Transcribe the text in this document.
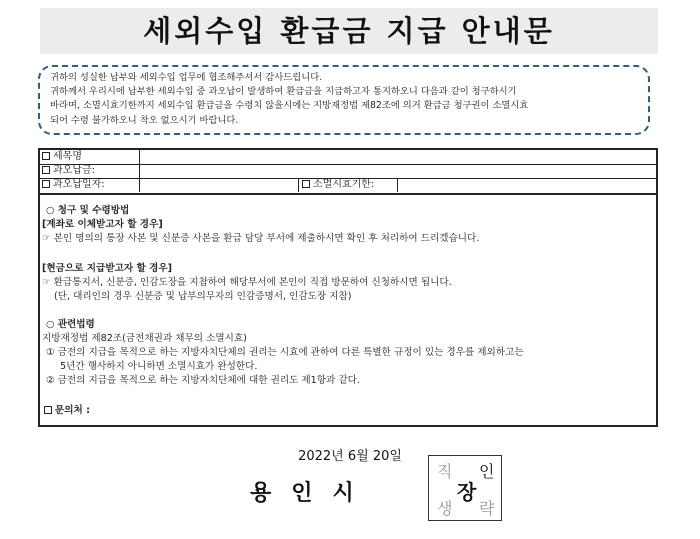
세외수입 환급금 지급 안내문

귀하의 성실한 납부와 세외수입 업무에 협조해주셔서 감사드립니다.

귀하께서 우리시에 납부한 세외수입 중 과오납이 발생하여 환급금을 지급하고자 통지하오니 다음과 같이 청구하시기

바라며, 소멸시효기한까지 세외수입 환급금을 수령치 않을시에는 지방재정법 제82조에 의거 환급금 청구권이 소멸시효

되어 수령 불가하오니 착오 없으시기 바랍니다.

세목명
과오납금:
과오납일자:	소멸시효기한:
○ 청구 및 수령방법
[계좌로 이체받고자 할 경우]
☞ 본인 명의의 통장 사본 및 신분증 사본을 환급 담당 부서에 제출하시면 확인 후 처리하여 드리겠습니다.
[현금으로 지급받고자 할 경우]
☞ 환급통지서, 신분증, 인감도장을 지참하여 해당부서에 본인이 직접 방문하여 신청하시면 됩니다.
(단, 대리인의 경우 신분증 및 납부의무자의 인감증명서, 인감도장 지참)
○ 관련법령
지방재정법 제82조(금전채권과 채무의 소멸시효)
① 금전의 지급을 목적으로 하는 지방자치단체의 권리는 시효에 관하여 다른 특별한 규정이 있는 경우를 제외하고는
5년간 행사하지 아니하면 소멸시효가 완성한다.
② 금전의 지급을 목적으로 하는 지방자치단체에 대한 권리도 제1항과 같다.
문의처 :
2022년 6월 20일
용인시
직 인
장
생 략
